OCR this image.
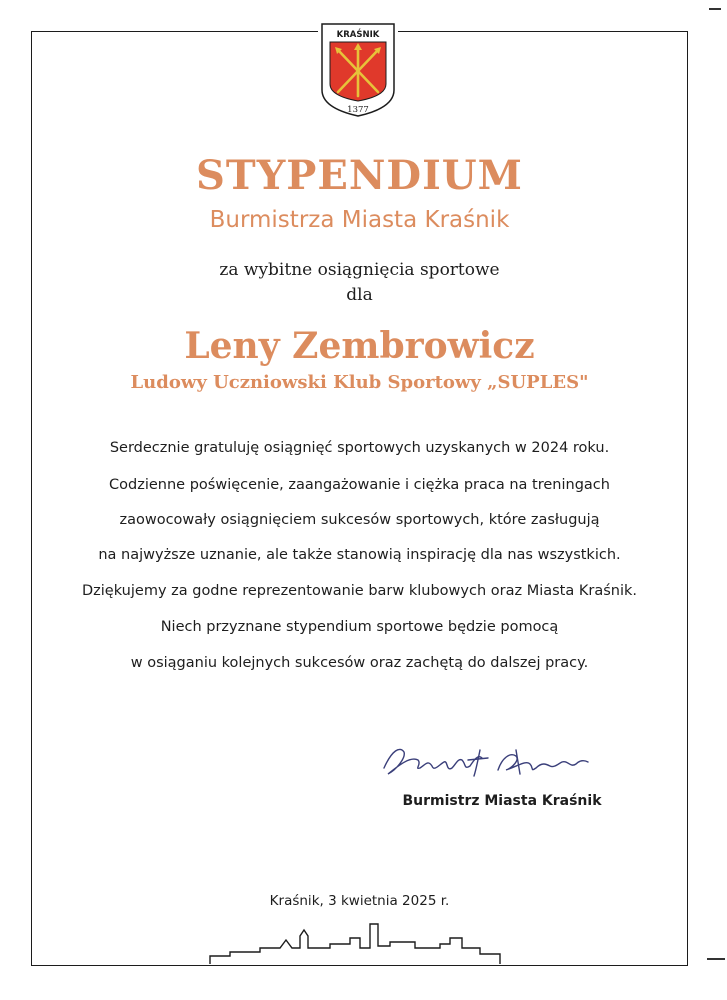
KRAŚNIK
1377
STYPENDIUM
Burmistrza Miasta Kraśnik
za wybitne osiągnięcia sportowe
dla
Leny Zembrowicz
Ludowy Uczniowski Klub Sportowy „SUPLES"
Serdecznie gratuluję osiągnięć sportowych uzyskanych w 2024 roku.
Codzienne poświęcenie, zaangażowanie i ciężka praca na treningach
zaowocowały osiągnięciem sukcesów sportowych, które zasługują
na najwyższe uznanie, ale także stanowią inspirację dla nas wszystkich.
Dziękujemy za godne reprezentowanie barw klubowych oraz Miasta Kraśnik.
Niech przyznane stypendium sportowe będzie pomocą
w osiąganiu kolejnych sukcesów oraz zachętą do dalszej pracy.
Burmistrz Miasta Kraśnik
Kraśnik, 3 kwietnia 2025 r.
